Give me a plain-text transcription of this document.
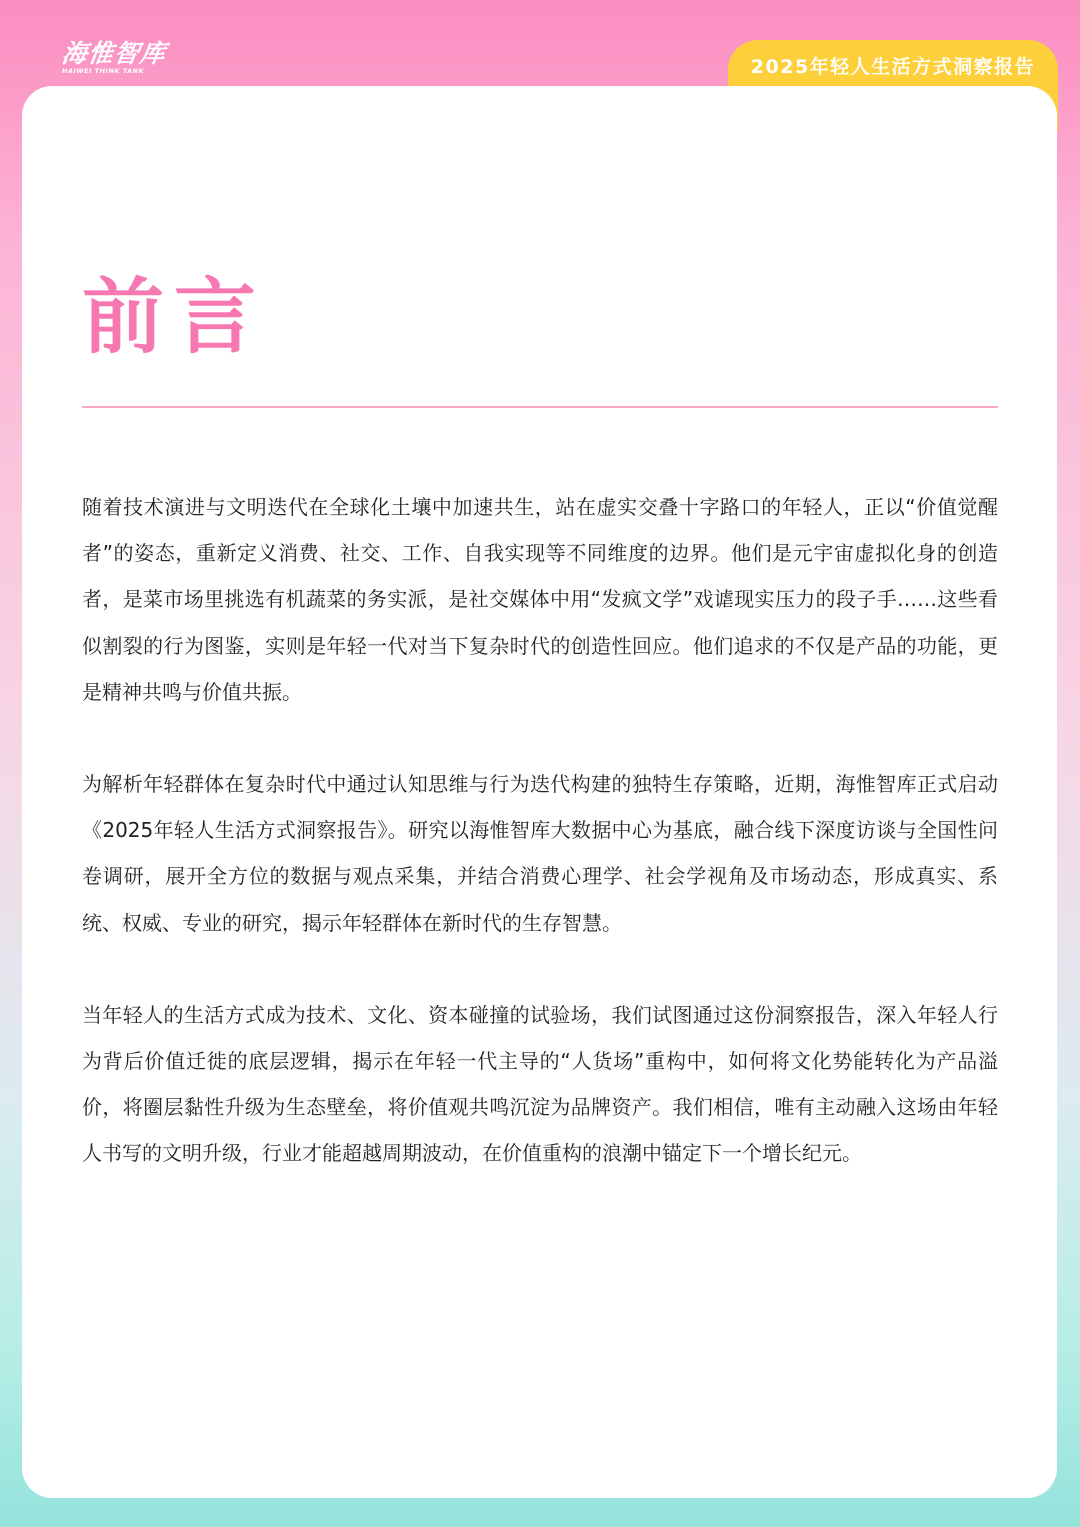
海惟智库
HAIWEI THINK TANK	2025年轻人生活方式洞察报告
前言

随着技术演进与文明迭代在全球化土壤中加速共生，站在虚实交叠十字路口的年轻人，正以“价值觉醒者”的姿态，重新定义消费、社交、工作、自我实现等不同维度的边界。他们是元宇宙虚拟化身的创造者，是菜市场里挑选有机蔬菜的务实派，是社交媒体中用“发疯文学”戏谑现实压力的段子手……这些看似割裂的行为图鉴，实则是年轻一代对当下复杂时代的创造性回应。他们追求的不仅是产品的功能，更是精神共鸣与价值共振。

为解析年轻群体在复杂时代中通过认知思维与行为迭代构建的独特生存策略，近期，海惟智库正式启动《2025年轻人生活方式洞察报告》。研究以海惟智库大数据中心为基底，融合线下深度访谈与全国性问卷调研，展开全方位的数据与观点采集，并结合消费心理学、社会学视角及市场动态，形成真实、系统、权威、专业的研究，揭示年轻群体在新时代的生存智慧。

当年轻人的生活方式成为技术、文化、资本碰撞的试验场，我们试图通过这份洞察报告，深入年轻人行为背后价值迁徙的底层逻辑，揭示在年轻一代主导的“人货场”重构中，如何将文化势能转化为产品溢价，将圈层黏性升级为生态壁垒，将价值观共鸣沉淀为品牌资产。我们相信，唯有主动融入这场由年轻人书写的文明升级，行业才能超越周期波动，在价值重构的浪潮中锚定下一个增长纪元。
